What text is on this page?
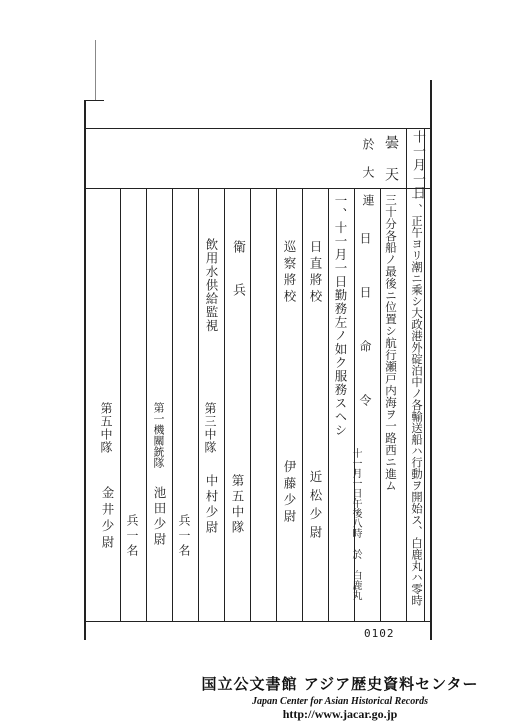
十一月一日
曇 天
於 大 連
一、正午ヨリ潮ニ乘シ大政港外碇泊中ノ各輸送船ハ行動ヲ開始ス、白鹿丸ハ零時
三十分各船ノ最後ニ位置シ航行瀬戸内海ヲ一路西ニ進ム
十一月一日午後八時 於 白鹿丸
一、十一月一日勤務左ノ如ク服務スヘシ 日 日 命 令
日直將校
近松少尉
巡察將校
伊藤少尉
衛兵
第五中隊
飲用水供給監視
第三中隊
中村少尉
兵一名
第一機關銃隊
池田少尉
兵一名
第五中隊
金井少尉
0102
国立公文書館 アジア歴史資料センター
Japan Center for Asian Historical Records
http://www.jacar.go.jp
